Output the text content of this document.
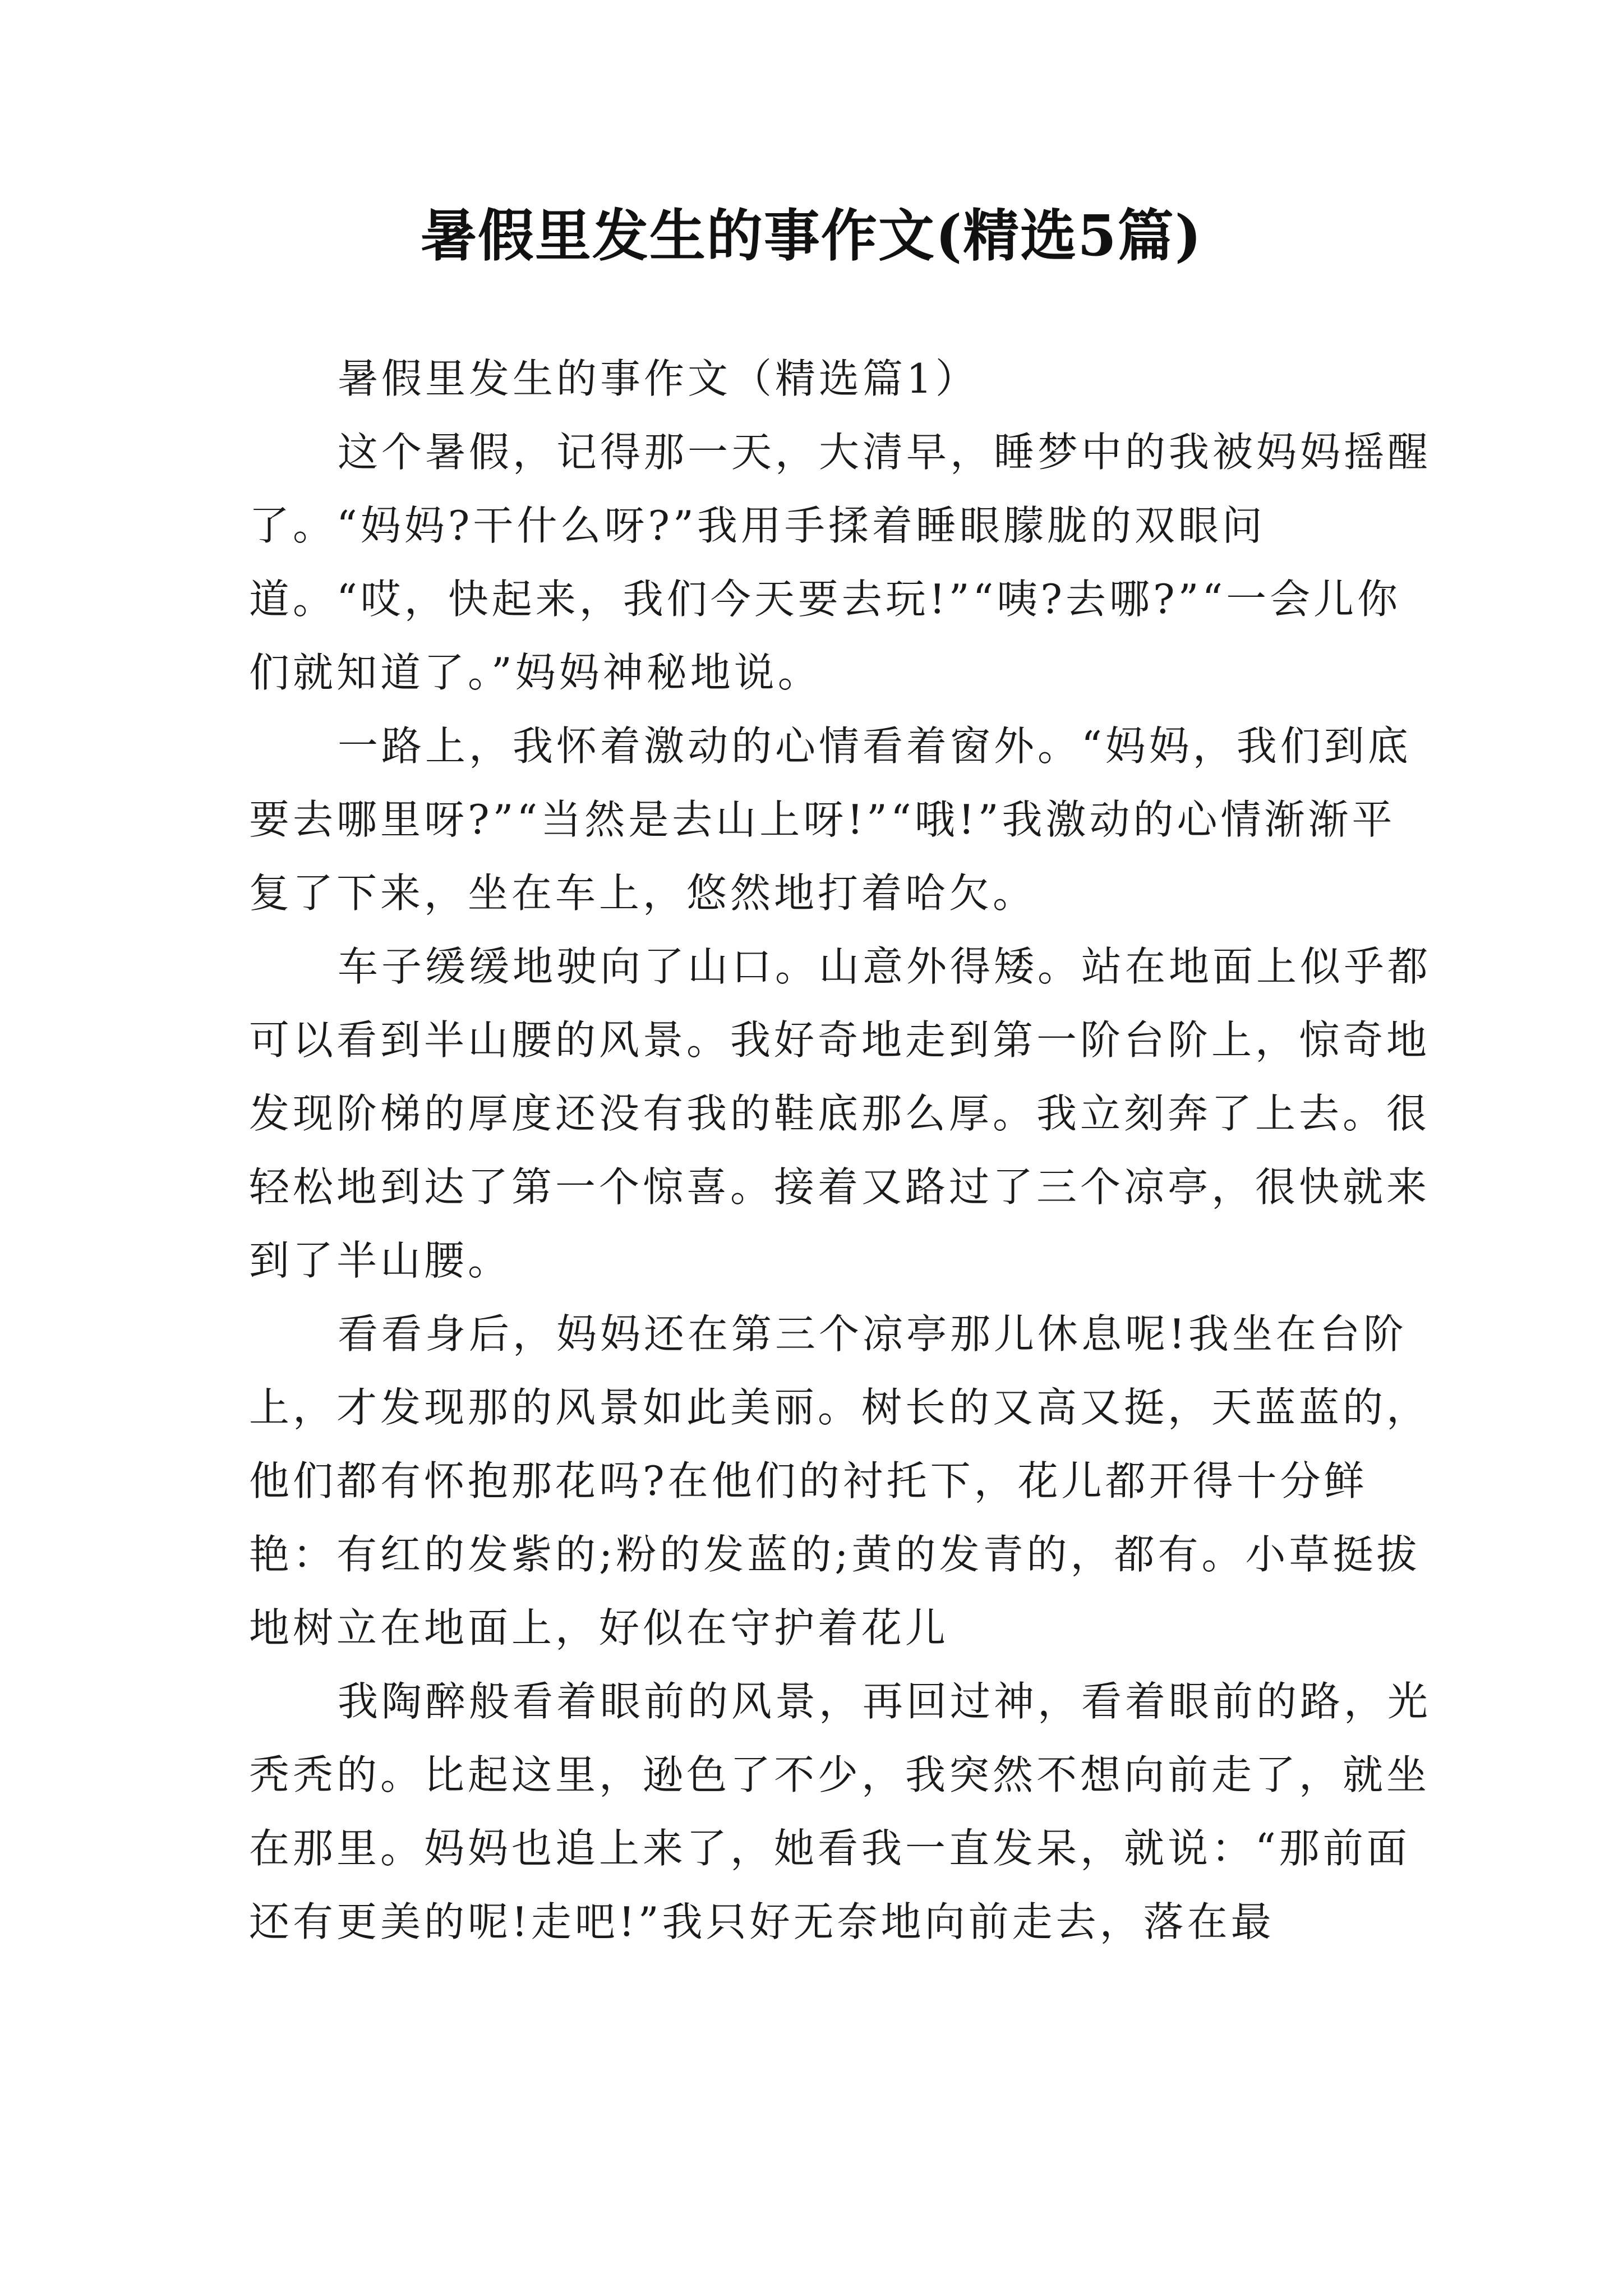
暑假里发生的事作文(精选5篇)

暑假里发生的事作文（精选篇1）

这个暑假，记得那一天，大清早，睡梦中的我被妈妈摇醒了。“妈妈?干什么呀?”我用手揉着睡眼朦胧的双眼问道。“哎，快起来，我们今天要去玩!”“咦?去哪?”“一会儿你们就知道了。”妈妈神秘地说。

一路上，我怀着激动的心情看着窗外。“妈妈，我们到底要去哪里呀?”“当然是去山上呀!”“哦!”我激动的心情渐渐平复了下来，坐在车上，悠然地打着哈欠。

车子缓缓地驶向了山口。山意外得矮。站在地面上似乎都可以看到半山腰的风景。我好奇地走到第一阶台阶上，惊奇地发现阶梯的厚度还没有我的鞋底那么厚。我立刻奔了上去。很轻松地到达了第一个惊喜。接着又路过了三个凉亭，很快就来到了半山腰。

看看身后，妈妈还在第三个凉亭那儿休息呢!我坐在台阶上，才发现那的风景如此美丽。树长的又高又挺，天蓝蓝的，他们都有怀抱那花吗?在他们的衬托下，花儿都开得十分鲜艳：有红的发紫的;粉的发蓝的;黄的发青的，都有。小草挺拔地树立在地面上，好似在守护着花儿

我陶醉般看着眼前的风景，再回过神，看着眼前的路，光秃秃的。比起这里，逊色了不少，我突然不想向前走了，就坐在那里。妈妈也追上来了，她看我一直发呆，就说：“那前面还有更美的呢!走吧!”我只好无奈地向前走去，落在最
